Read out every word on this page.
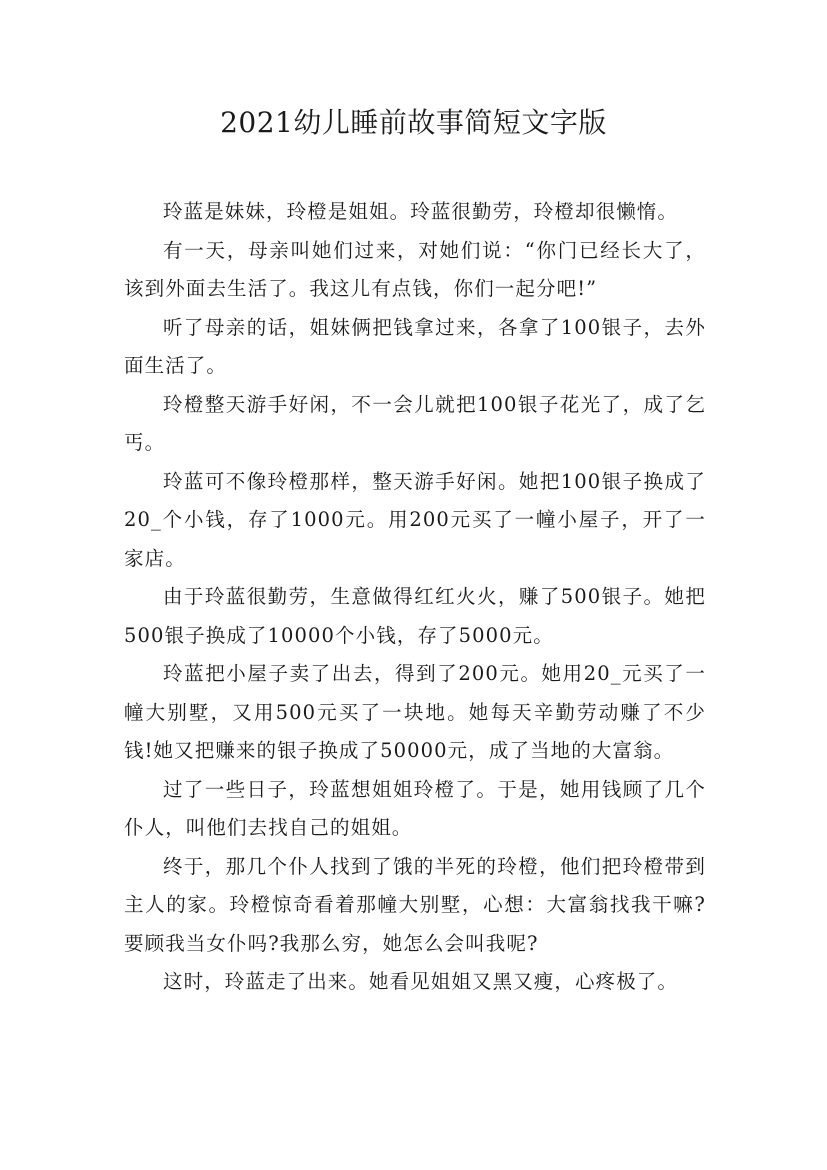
2021幼儿睡前故事简短文字版

玲蓝是妹妹，玲橙是姐姐。玲蓝很勤劳，玲橙却很懒惰。

有一天，母亲叫她们过来，对她们说：“你门已经长大了，该到外面去生活了。我这儿有点钱，你们一起分吧!”

听了母亲的话，姐妹俩把钱拿过来，各拿了100银子，去外面生活了。

玲橙整天游手好闲，不一会儿就把100银子花光了，成了乞丐。

玲蓝可不像玲橙那样，整天游手好闲。她把100银子换成了20_个小钱，存了1000元。用200元买了一幢小屋子，开了一家店。

由于玲蓝很勤劳，生意做得红红火火，赚了500银子。她把500银子换成了10000个小钱，存了5000元。

玲蓝把小屋子卖了出去，得到了200元。她用20_元买了一幢大别墅，又用500元买了一块地。她每天辛勤劳动赚了不少钱!她又把赚来的银子换成了50000元，成了当地的大富翁。

过了一些日子，玲蓝想姐姐玲橙了。于是，她用钱顾了几个仆人，叫他们去找自己的姐姐。

终于，那几个仆人找到了饿的半死的玲橙，他们把玲橙带到主人的家。玲橙惊奇看着那幢大别墅，心想：大富翁找我干嘛?要顾我当女仆吗?我那么穷，她怎么会叫我呢?

这时，玲蓝走了出来。她看见姐姐又黑又瘦，心疼极了。
